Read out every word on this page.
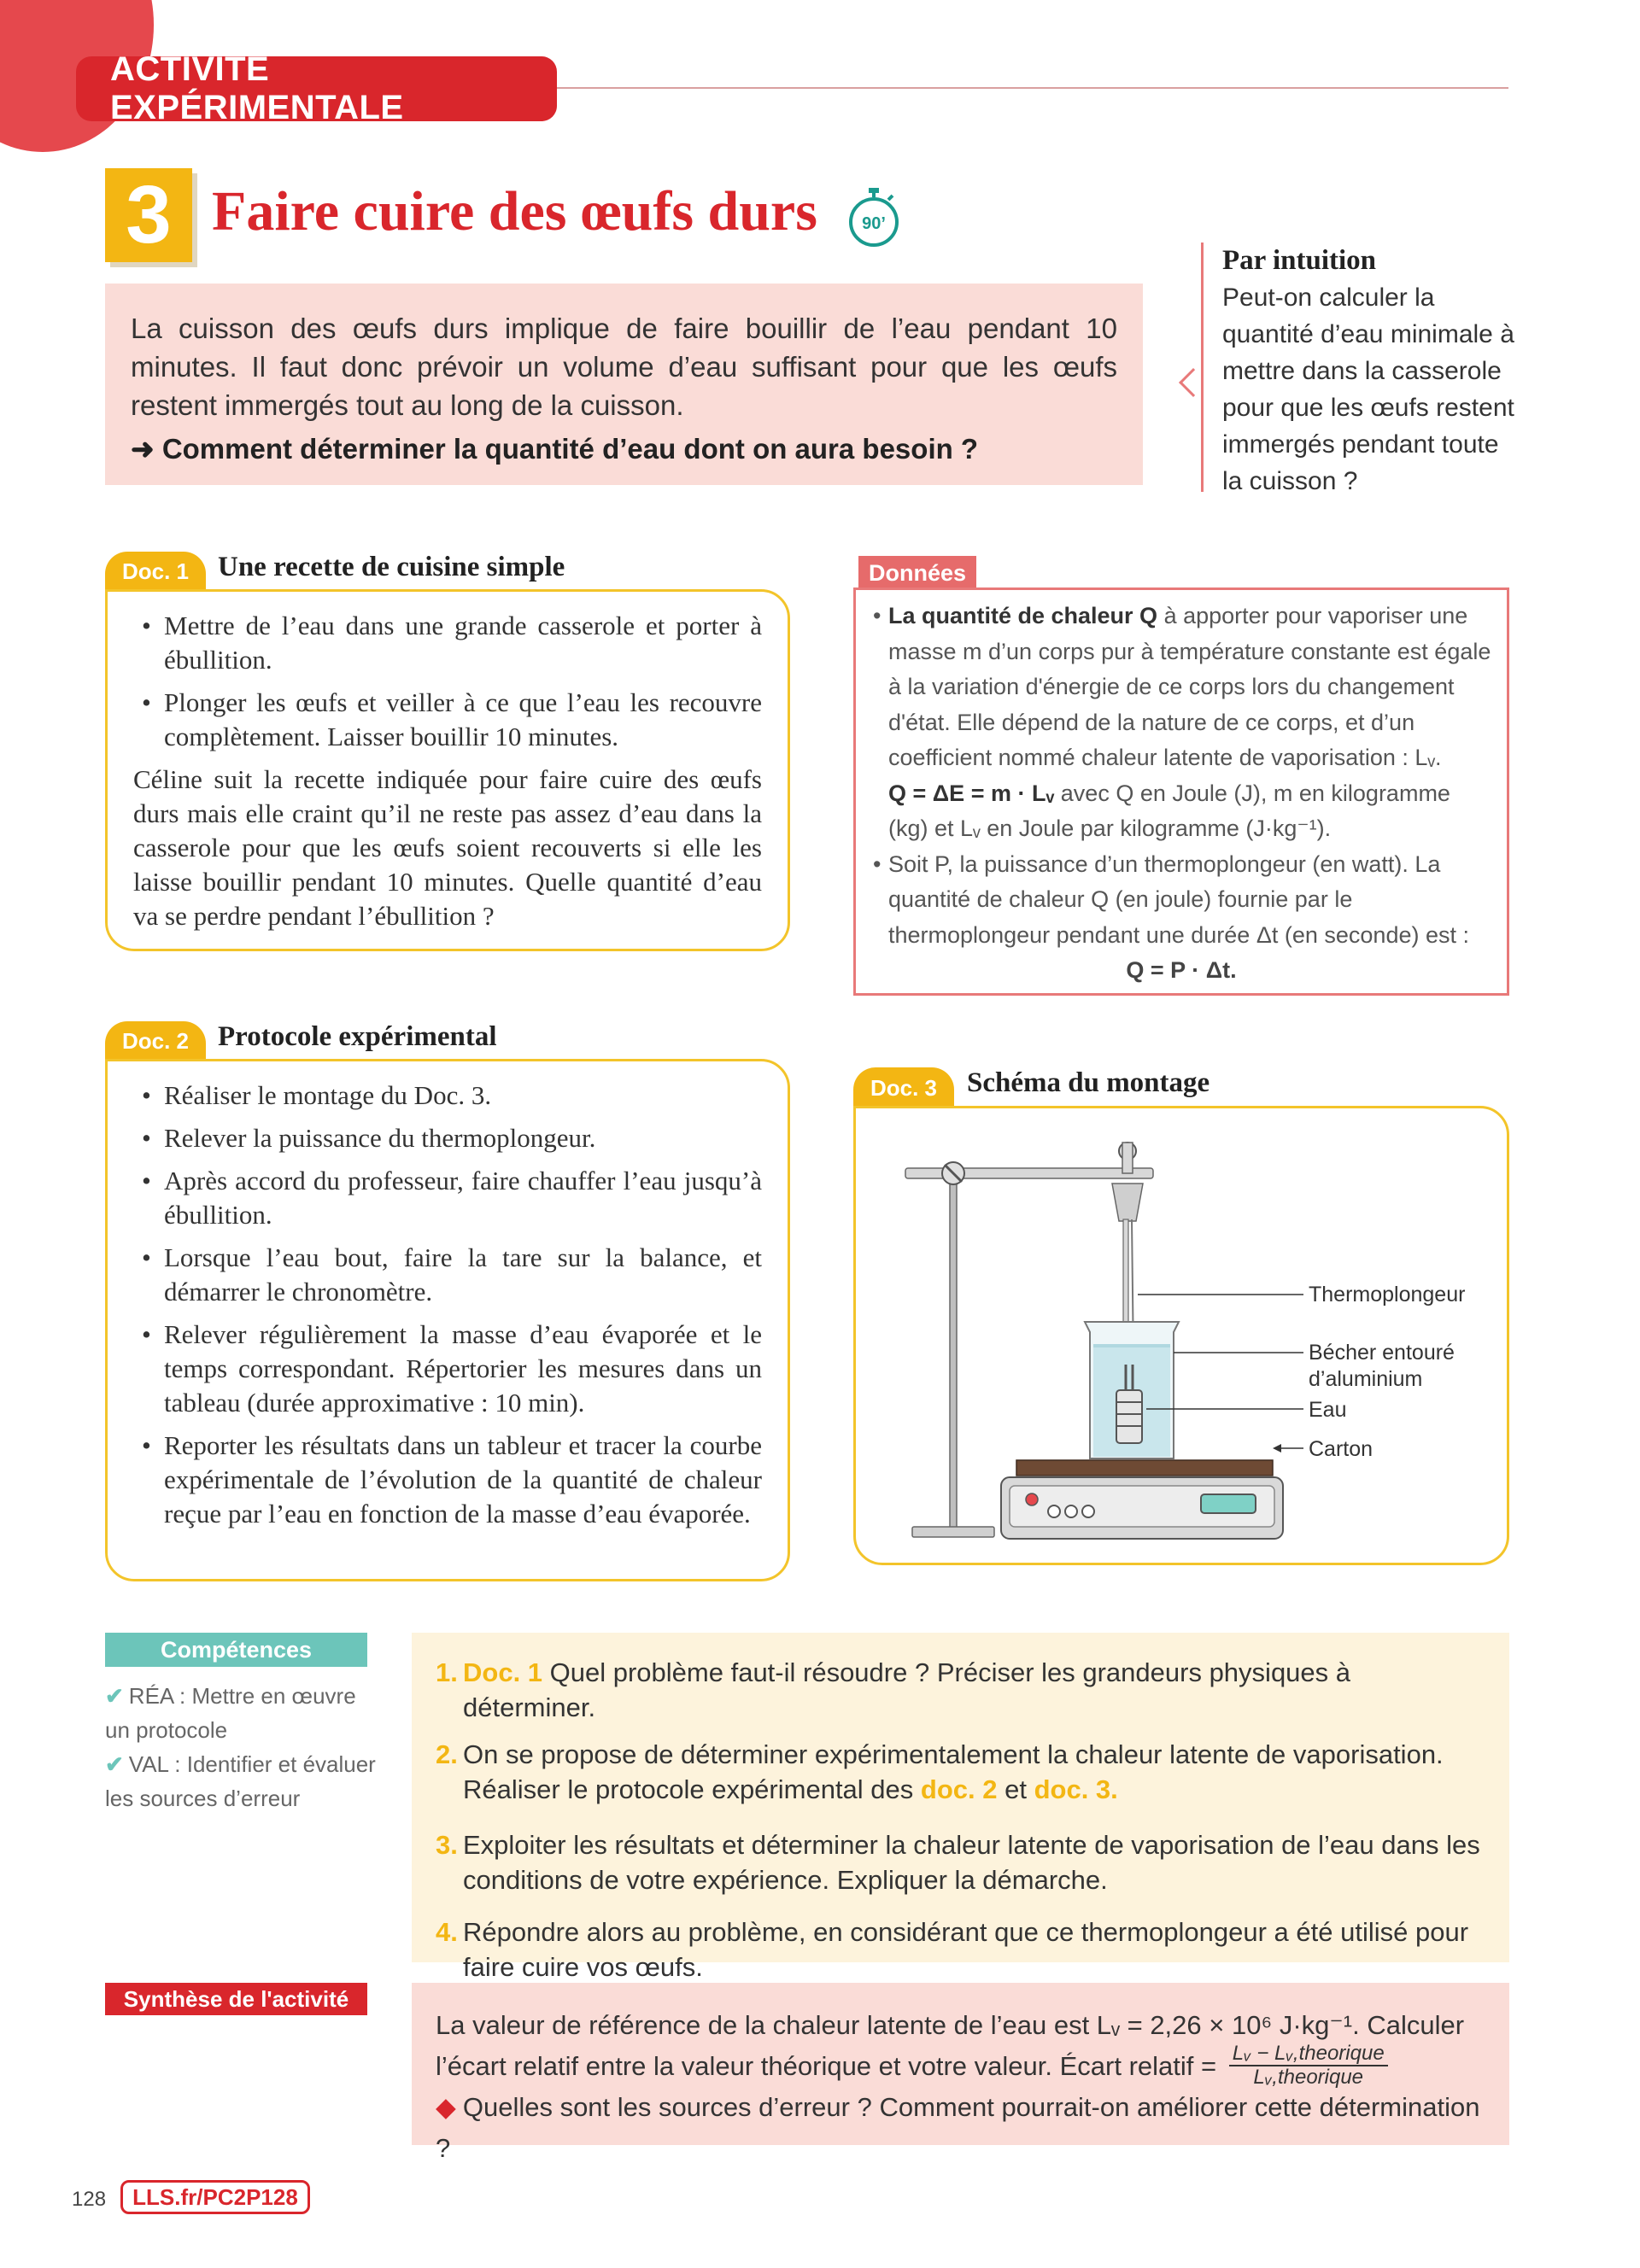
ACTIVITÉ EXPÉRIMENTALE
3 Faire cuire des œufs durs	90’

La cuisson des œufs durs implique de faire bouillir de l’eau pendant 10 minutes. Il faut donc prévoir un volume d’eau suffisant pour que les œufs restent immergés tout au long de la cuisson.

➜ Comment déterminer la quantité d’eau dont on aura besoin ?

Par intuition
Peut-on calculer la quantité d’eau minimale à mettre dans la casserole pour que les œufs restent immergés pendant toute la cuisson ?
Doc. 1	Une recette de cuisine simple
• Mettre de l’eau dans une grande casserole et porter à ébullition.
• Plonger les œufs et veiller à ce que l’eau les recouvre complètement. Laisser bouillir 10 minutes.

Céline suit la recette indiquée pour faire cuire des œufs durs mais elle craint qu’il ne reste pas assez d’eau dans la casserole pour que les œufs soient recouverts si elle les laisse bouillir pendant 10 minutes. Quelle quantité d’eau va se perdre pendant l’ébullition ?

Données
• La quantité de chaleur Q à apporter pour vaporiser une masse m d’un corps pur à température constante est égale à la variation d'énergie de ce corps lors du changement d'état. Elle dépend de la nature de ce corps, et d’un coefficient nommé chaleur latente de vaporisation : Lᵥ.
Q = ΔE = m · Lᵥ avec Q en Joule (J), m en kilogramme (kg) et Lᵥ en Joule par kilogramme (J·kg⁻¹).
• Soit P, la puissance d’un thermoplongeur (en watt). La quantité de chaleur Q (en joule) fournie par le thermoplongeur pendant une durée Δt (en seconde) est :
Q = P · Δt.
Doc. 2	Protocole expérimental
• Réaliser le montage du Doc. 3.
• Relever la puissance du thermoplongeur.
• Après accord du professeur, faire chauffer l’eau jusqu’à ébullition.
• Lorsque l’eau bout, faire la tare sur la balance, et démarrer le chronomètre.
• Relever régulièrement la masse d’eau évaporée et le temps correspondant. Répertorier les mesures dans un tableau (durée approximative : 10 min).
• Reporter les résultats dans un tableur et tracer la courbe expérimentale de l’évolution de la quantité de chaleur reçue par l’eau en fonction de la masse d’eau évaporée.
Doc. 3	Schéma du montage
Thermoplongeur
Bécher entouré
d’aluminium
Eau
Carton
Compétences
✔ RÉA : Mettre en œuvre un protocole
✔ VAL : Identifier et évaluer les sources d’erreur
1. Doc. 1 Quel problème faut-il résoudre ? Préciser les grandeurs physiques à déterminer.
2. On se propose de déterminer expérimentalement la chaleur latente de vaporisation. Réaliser le protocole expérimental des doc. 2 et doc. 3.
3. Exploiter les résultats et déterminer la chaleur latente de vaporisation de l’eau dans les conditions de votre expérience. Expliquer la démarche.
4. Répondre alors au problème, en considérant que ce thermoplongeur a été utilisé pour faire cuire vos œufs.
Synthèse de l'activité
La valeur de référence de la chaleur latente de l’eau est Lᵥ = 2,26 × 10⁶ J·kg⁻¹. Calculer l’écart relatif entre la valeur théorique et votre valeur. Écart relatif = $\frac{\text{Lᵥ − Lᵥ,theorique}}{\text{Lᵥ,theorique}}$
◆ Quelles sont les sources d’erreur ? Comment pourrait-on améliorer cette détermination ?
128	LLS.fr/PC2P128
